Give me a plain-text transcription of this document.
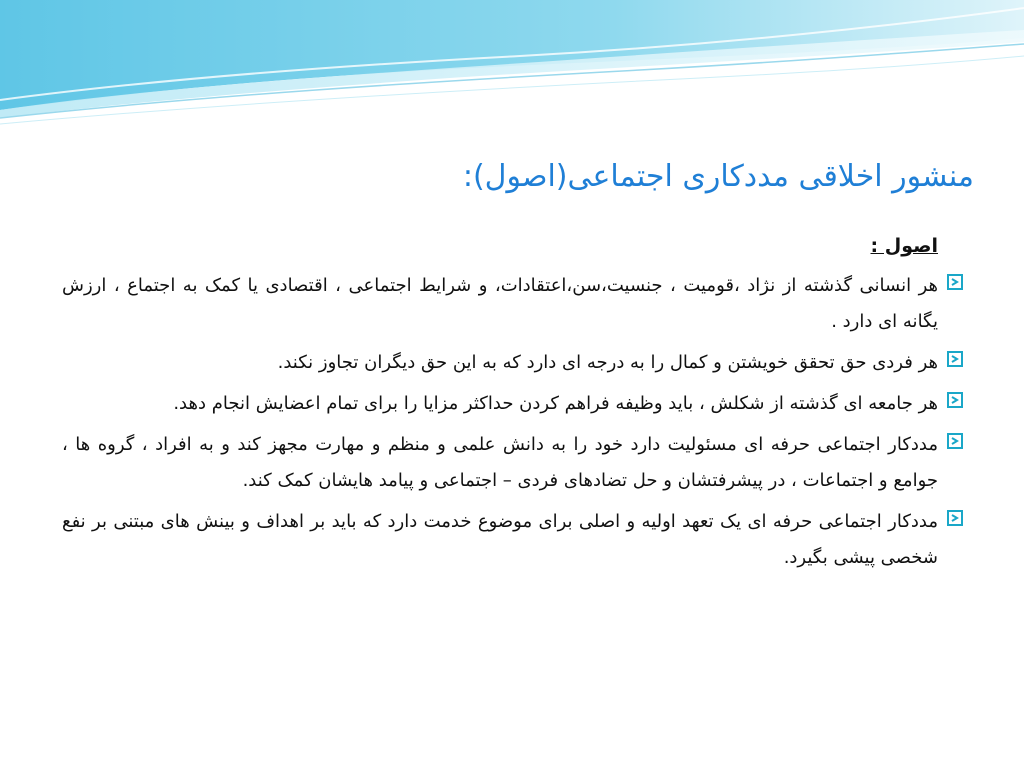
منشور اخلاقی مددکاری اجتماعی(اصول):
اصول :
هر انسانی گذشته از نژاد ،قومیت ، جنسیت،سن،اعتقادات، و شرایط اجتماعی ، اقتصادی یا کمک به اجتماع ، ارزش یگانه ای دارد .
هر فردی حق تحقق خویشتن و کمال را به درجه ای دارد که به این حق دیگران تجاوز نکند.
هر جامعه ای گذشته از شکلش ، باید وظیفه فراهم کردن حداکثر مزایا را برای تمام اعضایش انجام دهد.
مددکار اجتماعی حرفه ای مسئولیت دارد خود را به دانش علمی و منظم و مهارت مجهز کند و به افراد ، گروه ها ، جوامع و اجتماعات ، در پیشرفتشان و حل تضادهای فردی – اجتماعی و پیامد هایشان کمک کند.
مددکار اجتماعی حرفه ای یک تعهد اولیه و اصلی برای موضوع خدمت دارد که باید بر اهداف و بینش های مبتنی بر نفع شخصی پیشی بگیرد.
